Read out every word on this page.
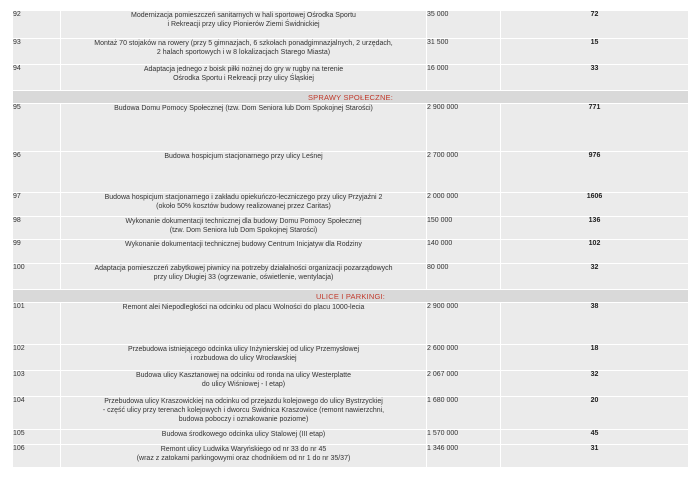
92	Modernizacja pomieszczeń sanitarnych w hali sportowej Ośrodka Sportu
i Rekreacji przy ulicy Pionierów Ziemi Świdnickiej	35 000	72
93	Montaż 70 stojaków na rowery (przy 5 gimnazjach, 6 szkołach ponadgimnazjalnych, 2 urzędach,
2 halach sportowych i w 8 lokalizacjach Starego Miasta)	31 500	15
94	Adaptacja jednego z boisk piłki nożnej do gry w rugby na terenie
Ośrodka Sportu i Rekreacji przy ulicy Śląskiej	16 000	33
SPRAWY SPOŁECZNE:			
95	Budowa Domu Pomocy Społecznej (tzw. Dom Seniora lub Dom Spokojnej Starości)	2 900 000	771
96	Budowa hospicjum stacjonarnego przy ulicy Leśnej	2 700 000	976
97	Budowa hospicjum stacjonarnego i zakładu opiekuńczo-leczniczego przy ulicy Przyjaźni 2
(około 50% kosztów budowy realizowanej przez Caritas)	2 000 000	1606
98	Wykonanie dokumentacji technicznej dla budowy Domu Pomocy Społecznej
(tzw. Dom Seniora lub Dom Spokojnej Starości)	150 000	136
99	Wykonanie dokumentacji technicznej budowy Centrum Inicjatyw dla Rodziny	140 000	102
100	Adaptacja pomieszczeń zabytkowej piwnicy na potrzeby działalności organizacji pozarządowych
przy ulicy Długiej 33 (ogrzewanie, oświetlenie, wentylacja)	80 000	32
ULICE I PARKINGI:			
101	Remont alei Niepodległości na odcinku od placu Wolności do placu 1000-lecia	2 900 000	38
102	Przebudowa istniejącego odcinka ulicy Inżynierskiej od ulicy Przemysłowej
i rozbudowa do ulicy Wrocławskiej	2 600 000	18
103	Budowa ulicy Kasztanowej na odcinku od ronda na ulicy Westerplatte
do ulicy Wiśniowej - I etap)	2 067 000	32
104	Przebudowa ulicy Kraszowickiej na odcinku od przejazdu kolejowego do ulicy Bystrzyckiej
- część ulicy przy terenach kolejowych i dworcu Świdnica Kraszowice (remont nawierzchni,
budowa poboczy i oznakowanie poziome)	1 680 000	20
105	Budowa środkowego odcinka ulicy Stalowej (III etap)	1 570 000	45
106	Remont ulicy Ludwika Waryńskiego od nr 33 do nr 45
(wraz z zatokami parkingowymi oraz chodnikiem od nr 1 do nr 35/37)	1 346 000	31
